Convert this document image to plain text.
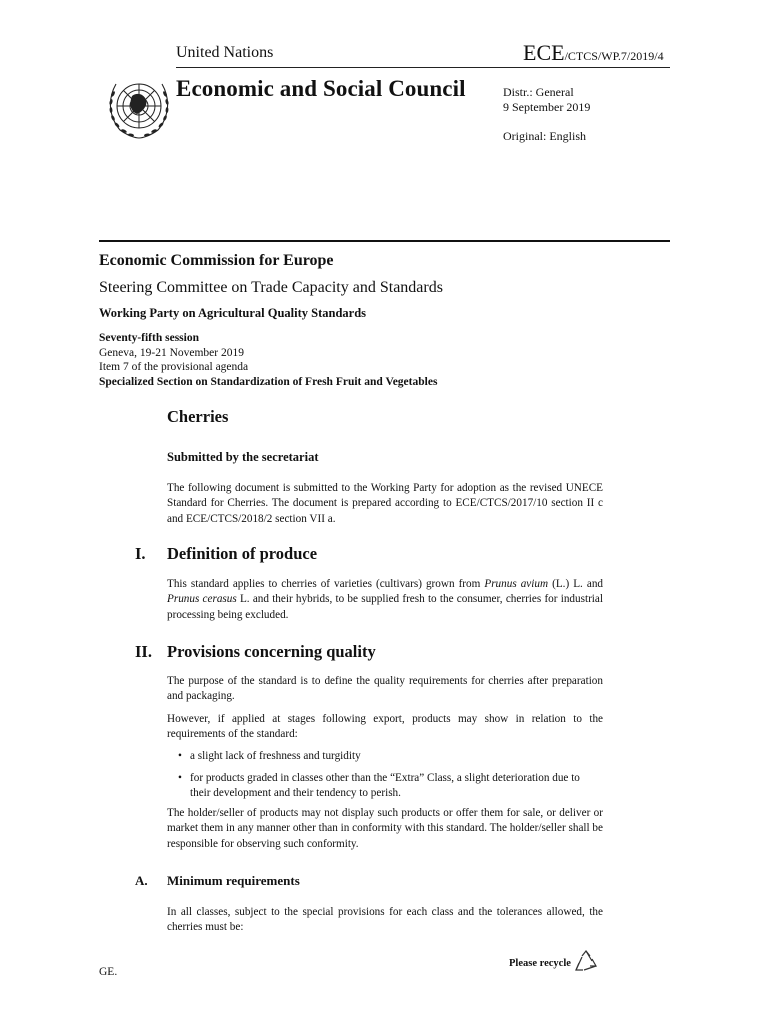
United Nations	ECE/CTCS/WP.7/2019/4
Economic and Social Council	Distr.: General
9 September 2019
Original: English
Economic Commission for Europe
Steering Committee on Trade Capacity and Standards
Working Party on Agricultural Quality Standards
Seventy-fifth session
Geneva, 19-21 November 2019
Item 7 of the provisional agenda
Specialized Section on Standardization of Fresh Fruit and Vegetables
Cherries
Submitted by the secretariat
The following document is submitted to the Working Party for adoption as the revised UNECE Standard for Cherries. The document is prepared according to ECE/CTCS/2017/10 section II c and ECE/CTCS/2018/2 section VII a.
I. Definition of produce
This standard applies to cherries of varieties (cultivars) grown from Prunus avium (L.) L. and Prunus cerasus L. and their hybrids, to be supplied fresh to the consumer, cherries for industrial processing being excluded.
II. Provisions concerning quality
The purpose of the standard is to define the quality requirements for cherries after preparation and packaging.
However, if applied at stages following export, products may show in relation to the requirements of the standard:
• a slight lack of freshness and turgidity
• for products graded in classes other than the “Extra” Class, a slight deterioration due to their development and their tendency to perish.
The holder/seller of products may not display such products or offer them for sale, or deliver or market them in any manner other than in conformity with this standard. The holder/seller shall be responsible for observing such conformity.
A. Minimum requirements
In all classes, subject to the special provisions for each class and the tolerances allowed, the cherries must be:
GE.
Please recycle
